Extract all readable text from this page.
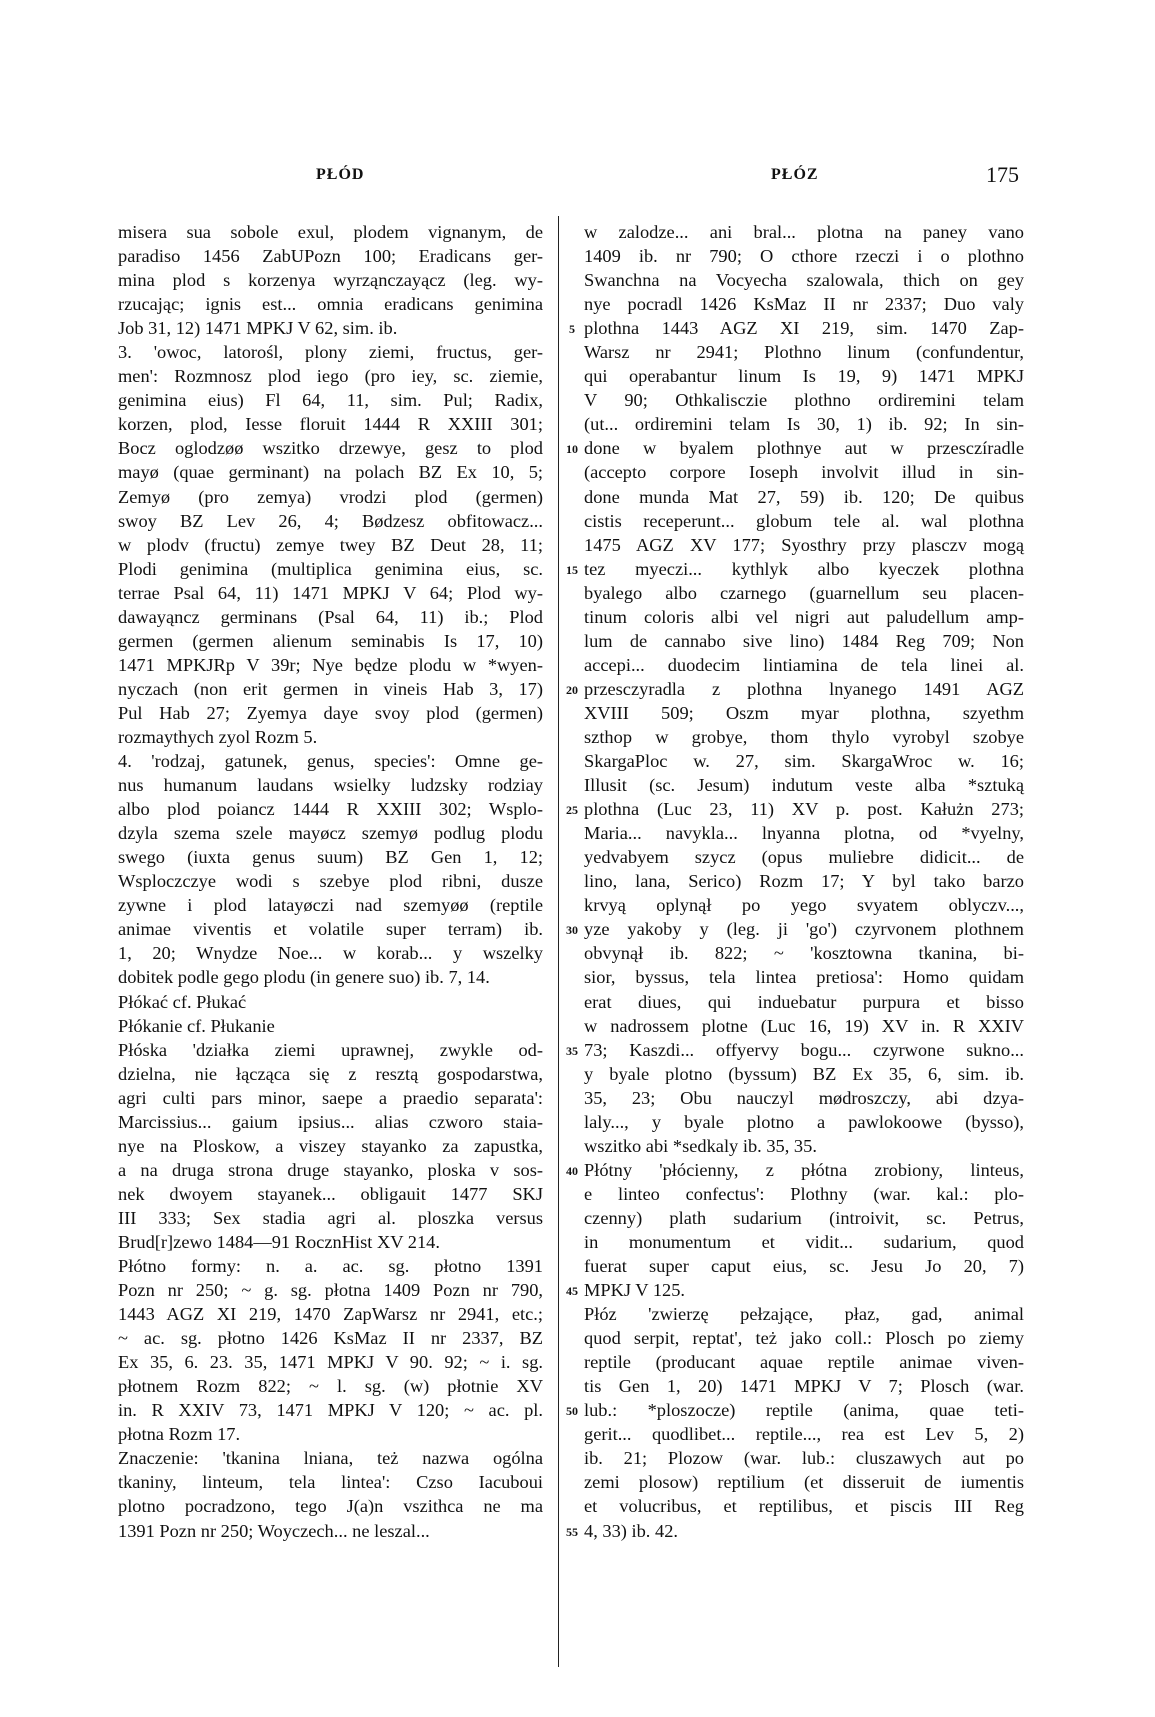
PŁÓD	PŁÓZ	175
misera sua sobole exul, plodem vignanym, de
paradiso 1456 ZabUPozn 100; Eradicans ger-
mina plod s korzenya wyrząnczayącz (leg. wy-
rzucając; ignis est... omnia eradicans genimina
Job 31, 12) 1471 MPKJ V 62, sim. ib.
3. 'owoc, latorośl, plony ziemi, fructus, ger-
men': Rozmnosz plod iego (pro iey, sc. ziemie,
genimina eius) Fl 64, 11, sim. Pul; Radix,
korzen, plod, Iesse floruit 1444 R XXIII 301;
Bocz oglodzøø wszitko drzewye, gesz to plod
mayø (quae germinant) na polach BZ Ex 10, 5;
Zemyø (pro zemya) vrodzi plod (germen)
swoy BZ Lev 26, 4; Bødzesz obfitowacz...
w plodv (fructu) zemye twey BZ Deut 28, 11;
Plodi genimina (multiplica genimina eius, sc.
terrae Psal 64, 11) 1471 MPKJ V 64; Plod wy-
dawayąncz germinans (Psal 64, 11) ib.; Plod
germen (germen alienum seminabis Is 17, 10)
1471 MPKJRp V 39r; Nye będze plodu w *wyen-
nyczach (non erit germen in vineis Hab 3, 17)
Pul Hab 27; Zyemya daye svoy plod (germen)
rozmaythych zyol Rozm 5.
4. 'rodzaj, gatunek, genus, species': Omne ge-
nus humanum laudans wsielky ludzsky rodziay
albo plod poiancz 1444 R XXIII 302; Wsplo-
dzyla szema szele mayøcz szemyø podlug plodu
swego (iuxta genus suum) BZ Gen 1, 12;
Wsploczczye wodi s szebye plod ribni, dusze
zywne i plod latayøczi nad szemyøø (reptile
animae viventis et volatile super terram) ib.
1, 20; Wnydze Noe... w korab... y wszelky
dobitek podle gego plodu (in genere suo) ib. 7, 14.
Płókać cf. Płukać
Płókanie cf. Płukanie
Płóska 'działka ziemi uprawnej, zwykle od-
dzielna, nie łącząca się z resztą gospodarstwa,
agri culti pars minor, saepe a praedio separata':
Marcissius... gaium ipsius... alias czworo staia-
nye na Ploskow, a viszey stayanko za zapustka,
a na druga strona druge stayanko, ploska v sos-
nek dwoyem stayanek... obligauit 1477 SKJ
III 333; Sex stadia agri al. ploszka versus
Brud[r]zewo 1484—91 RocznHist XV 214.
Płótno formy: n. a. ac. sg. płotno 1391
Pozn nr 250; ~ g. sg. płotna 1409 Pozn nr 790,
1443 AGZ XI 219, 1470 ZapWarsz nr 2941, etc.;
~ ac. sg. płotno 1426 KsMaz II nr 2337, BZ
Ex 35, 6. 23. 35, 1471 MPKJ V 90. 92; ~ i. sg.
płotnem Rozm 822; ~ l. sg. (w) płotnie XV
in. R XXIV 73, 1471 MPKJ V 120; ~ ac. pl.
płotna Rozm 17.
Znaczenie: 'tkanina lniana, też nazwa ogólna
tkaniny, linteum, tela lintea': Czso Iacuboui
plotno pocradzono, tego J(a)n vszithca ne ma
1391 Pozn nr 250; Woyczech... ne leszal...
5
10
15
20
25
30
35
40
45
50
55
w zalodze... ani bral... plotna na paney vano
1409 ib. nr 790; O cthore rzeczi i o plothno
Swanchna na Vocyecha szalowala, thich on gey
nye pocradl 1426 KsMaz II nr 2337; Duo valy
plothna 1443 AGZ XI 219, sim. 1470 Zap-
Warsz nr 2941; Plothno linum (confundentur,
qui operabantur linum Is 19, 9) 1471 MPKJ
V 90; Othkalisczie plothno ordiremini telam
(ut... ordiremini telam Is 30, 1) ib. 92; In sin-
done w byalem plothnye aut w przesczíradle
(accepto corpore Ioseph involvit illud in sin-
done munda Mat 27, 59) ib. 120; De quibus
cistis receperunt... globum tele al. wal plothna
1475 AGZ XV 177; Syosthry przy plasczv mogą
tez myeczi... kythlyk albo kyeczek plothna
byalego albo czarnego (guarnellum seu placen-
tinum coloris albi vel nigri aut paludellum amp-
lum de cannabo sive lino) 1484 Reg 709; Non
accepi... duodecim lintiamina de tela linei al.
przesczyradla z plothna lnyanego 1491 AGZ
XVIII 509; Oszm myar plothna, szyethm
szthop w grobye, thom thylo vyrobyl szobye
SkargaPloc w. 27, sim. SkargaWroc w. 16;
Illusit (sc. Jesum) indutum veste alba *sztuką
plothna (Luc 23, 11) XV p. post. Kałużn 273;
Maria... navykla... lnyanna plotna, od *vyelny,
yedvabyem szycz (opus muliebre didicit... de
lino, lana, Serico) Rozm 17; Y byl tako barzo
krvyą oplynął po yego svyatem oblyczv...,
yze yakoby y (leg. ji 'go') czyrvonem plothnem
obvynął ib. 822; ~ 'kosztowna tkanina, bi-
sior, byssus, tela lintea pretiosa': Homo quidam
erat diues, qui induebatur purpura et bisso
w nadrossem plotne (Luc 16, 19) XV in. R XXIV
73; Kaszdi... offyervy bogu... czyrwone sukno...
y byale plotno (byssum) BZ Ex 35, 6, sim. ib.
35, 23; Obu nauczyl mødroszczy, abi dzya-
laly..., y byale plotno a pawlokoowe (bysso),
wszitko abi *sedkaly ib. 35, 35.
Płótny 'płócienny, z płótna zrobiony, linteus,
e linteo confectus': Plothny (war. kal.: plo-
czenny) plath sudarium (introivit, sc. Petrus,
in monumentum et vidit... sudarium, quod
fuerat super caput eius, sc. Jesu Jo 20, 7)
MPKJ V 125.
Płóz 'zwierzę pełzające, płaz, gad, animal
quod serpit, reptat', też jako coll.: Plosch po ziemy
reptile (producant aquae reptile animae viven-
tis Gen 1, 20) 1471 MPKJ V 7; Plosch (war.
lub.: *ploszocze) reptile (anima, quae teti-
gerit... quodlibet... reptile..., rea est Lev 5, 2)
ib. 21; Plozow (war. lub.: cluszawych aut po
zemi plosow) reptilium (et disseruit de iumentis
et volucribus, et reptilibus, et piscis III Reg
4, 33) ib. 42.
